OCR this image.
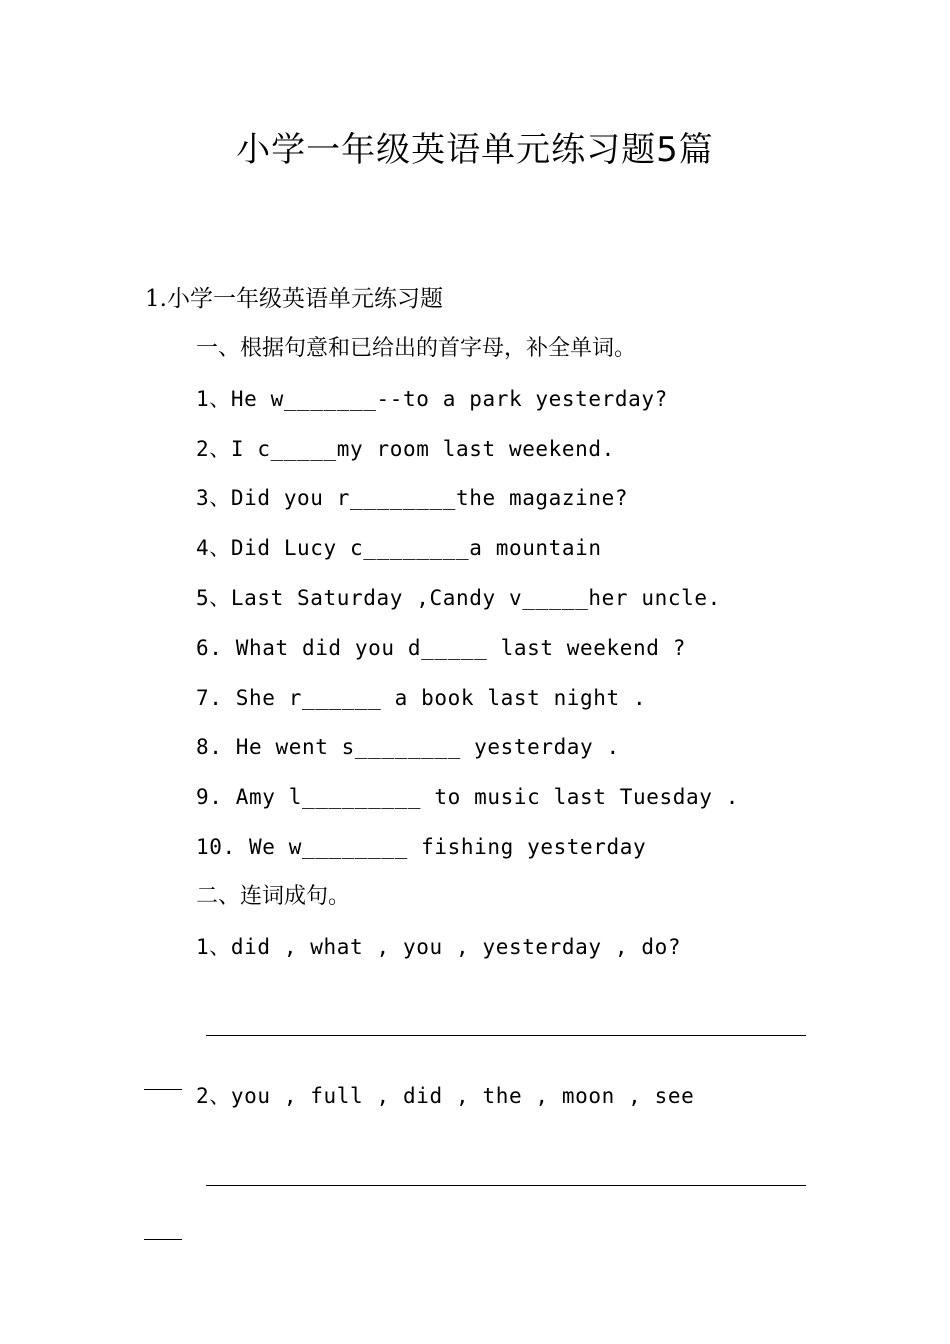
小学一年级英语单元练习题5篇
1.小学一年级英语单元练习题
一、根据句意和已给出的首字母，补全单词。
1、He w_______--to a park yesterday?
2、I c_____my room last weekend.
3、Did you r________the magazine?
4、Did Lucy c________a mountain
5、Last Saturday ,Candy v_____her uncle.
6. What did you d_____ last weekend ?
7. She r______ a book last night .
8. He went s________ yesterday .
9. Amy l_________ to music last Tuesday .
10. We w________ fishing yesterday
二、连词成句。
1、did , what , you , yesterday , do?
2、you , full , did , the , moon , see
